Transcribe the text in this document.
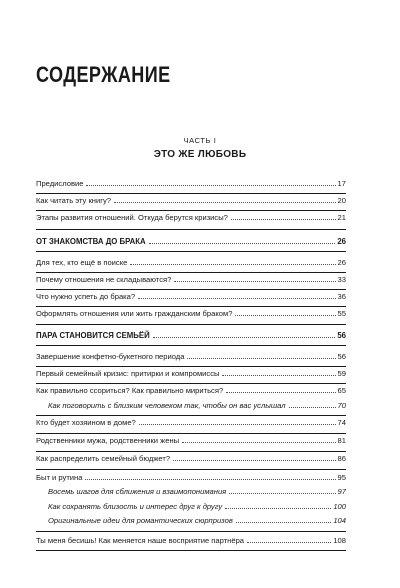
СОДЕРЖАНИЕ
ЧАСТЬ I
ЭТО ЖЕ ЛЮБОВЬ
Предисловие	17
Как читать эту книгу?	20
Этапы развития отношений. Откуда берутся кризисы?	21
ОТ ЗНАКОМСТВА ДО БРАКА	26
Для тех, кто ещё в поиске	26
Почему отношения не складываются?	33
Что нужно успеть до брака?	36
Оформлять отношения или жить гражданским браком?	55
ПАРА СТАНОВИТСЯ СЕМЬЁЙ	56
Завершение конфетно-букетного периода	56
Первый семейный кризис: притирки и компромиссы	59
Как правильно ссориться? Как правильно мириться?	65
Как поговорить с близким человеком так, чтобы он вас услышал	70
Кто будет хозяином в доме?	74
Родственники мужа, родственники жены	81
Как распределить семейный бюджет?	86
Быт и рутина	95
Восемь шагов для сближения и взаимопонимания	97
Как сохранять близость и интерес друг к другу	100
Оригинальные идеи для романтических сюрпризов	104
Ты меня бесишь! Как меняется наше восприятие партнёра	108
